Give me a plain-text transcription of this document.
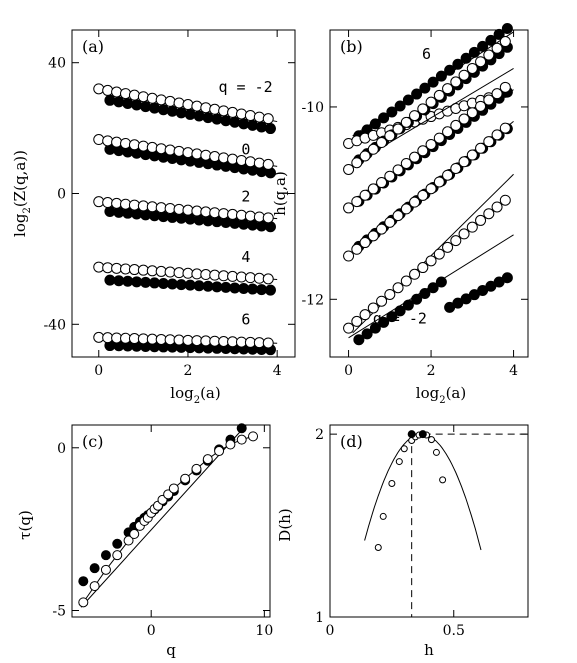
0	2	4
-40
0
40
(a)
q = -2
0
2
4
6
$\log_2(a)$
$\log_2(Z(q,a))$
0	2	4
-10
-12
(b)	6
q = -2
$\log_2(a)$
h(q,a)
0	10
0
-5
(c)
q
τ(q)
0	0.5
1
2 (d)
h
D(h)
